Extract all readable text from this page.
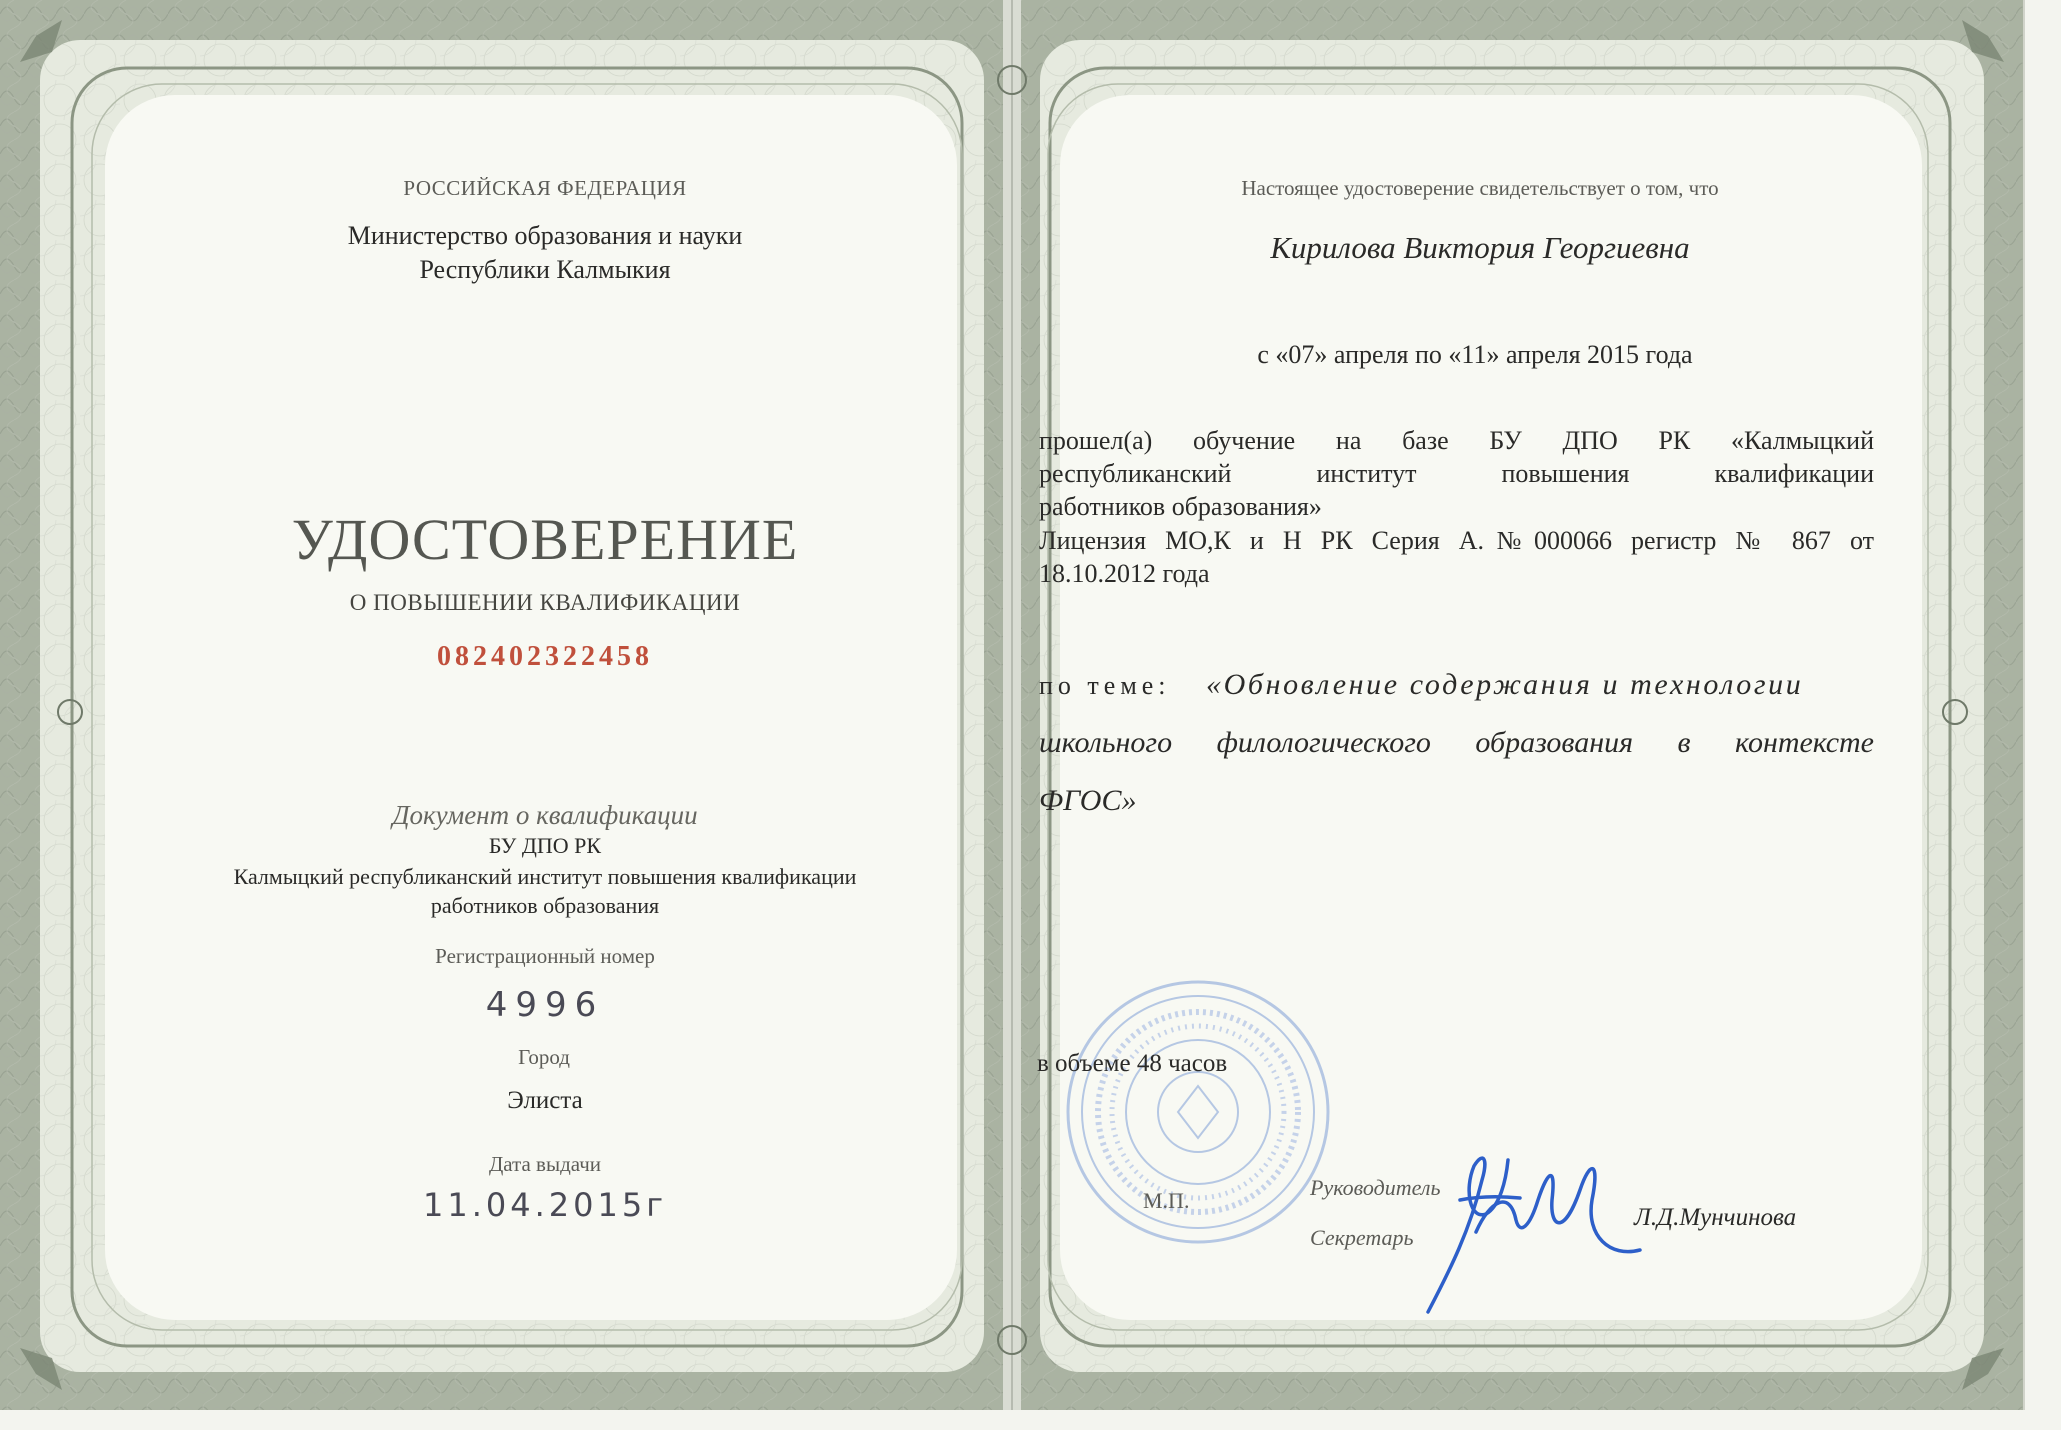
РОССИЙСКАЯ ФЕДЕРАЦИЯ
Министерство образования и науки
Республики Калмыкия
УДОСТОВЕРЕНИЕ
О ПОВЫШЕНИИ КВАЛИФИКАЦИИ
082402322458
Документ о квалификации
БУ ДПО РК
Калмыцкий республиканский институт повышения квалификации
работников образования
Регистрационный номер
4996
Город
Элиста
Дата выдачи
11.04.2015г
Настоящее удостоверение свидетельствует о том, что
Кирилова Виктория Георгиевна
с «07» апреля по «11» апреля 2015 года
прошел(а) обучение на базе БУ ДПО РК «Калмыцкий
республиканский институт повышения квалификации
работников образования»
Лицензия МО,К и Н РК Серия А.№000066 регистр № 867 от
18.10.2012 года
по теме: «Обновление содержания и технологии
школьного филологического образования в контексте
ФГОС»
в объеме 48 часов
М.П.
Руководитель
Секретарь
Л.Д.Мунчинова
